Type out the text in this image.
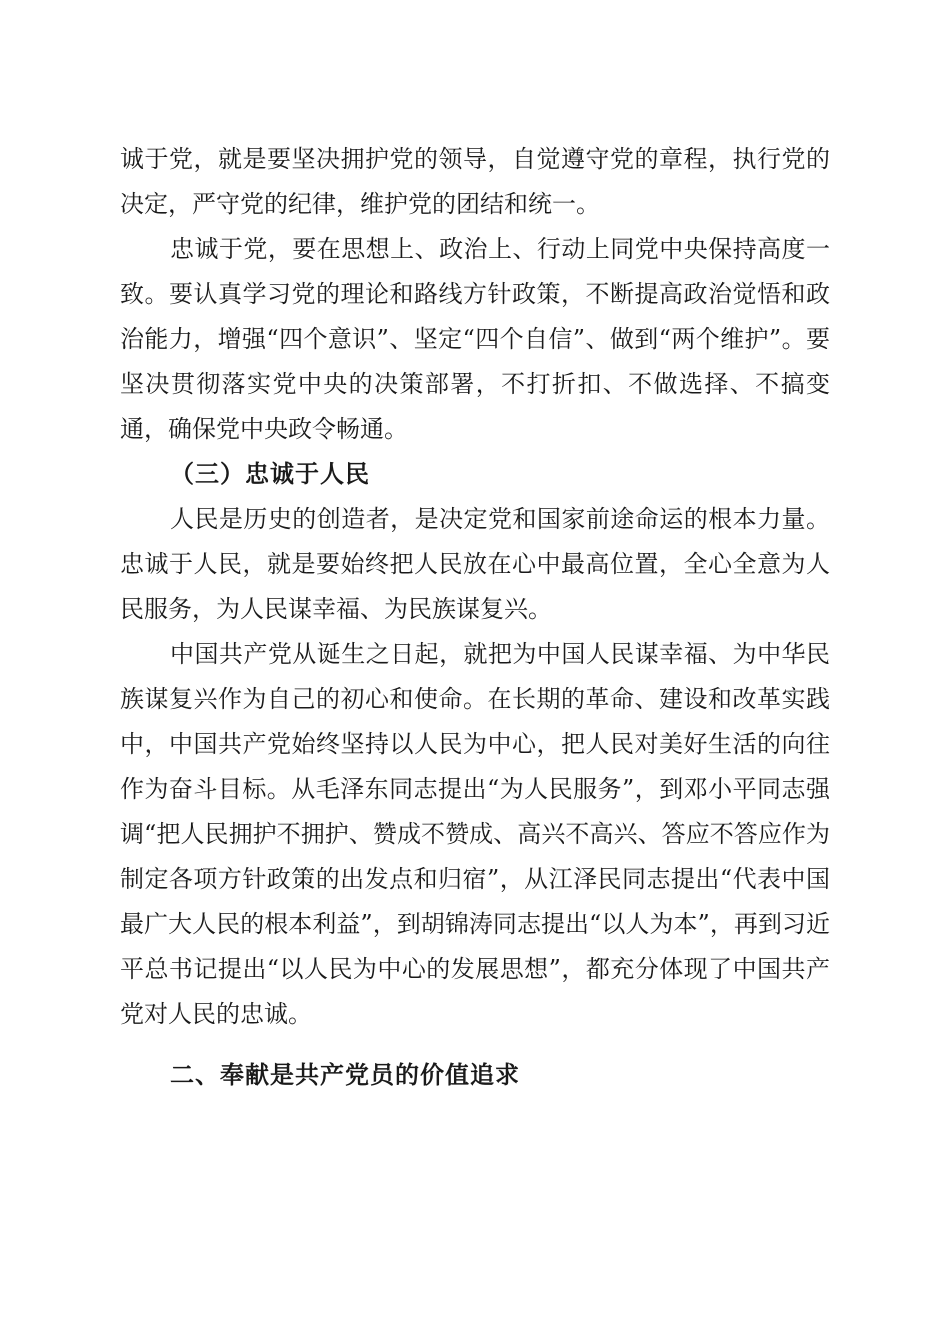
诚于党，就是要坚决拥护党的领导，自觉遵守党的章程，执行党的决定，严守党的纪律，维护党的团结和统一。

忠诚于党，要在思想上、政治上、行动上同党中央保持高度一致。要认真学习党的理论和路线方针政策，不断提高政治觉悟和政治能力，增强“四个意识”、坚定“四个自信”、做到“两个维护”。要坚决贯彻落实党中央的决策部署，不打折扣、不做选择、不搞变通，确保党中央政令畅通。

（三）忠诚于人民

人民是历史的创造者，是决定党和国家前途命运的根本力量。忠诚于人民，就是要始终把人民放在心中最高位置，全心全意为人民服务，为人民谋幸福、为民族谋复兴。

中国共产党从诞生之日起，就把为中国人民谋幸福、为中华民族谋复兴作为自己的初心和使命。在长期的革命、建设和改革实践中，中国共产党始终坚持以人民为中心，把人民对美好生活的向往作为奋斗目标。从毛泽东同志提出“为人民服务”，到邓小平同志强调“把人民拥护不拥护、赞成不赞成、高兴不高兴、答应不答应作为制定各项方针政策的出发点和归宿”，从江泽民同志提出“代表中国最广大人民的根本利益”，到胡锦涛同志提出“以人为本”，再到习近平总书记提出“以人民为中心的发展思想”，都充分体现了中国共产党对人民的忠诚。

二、奉献是共产党员的价值追求
